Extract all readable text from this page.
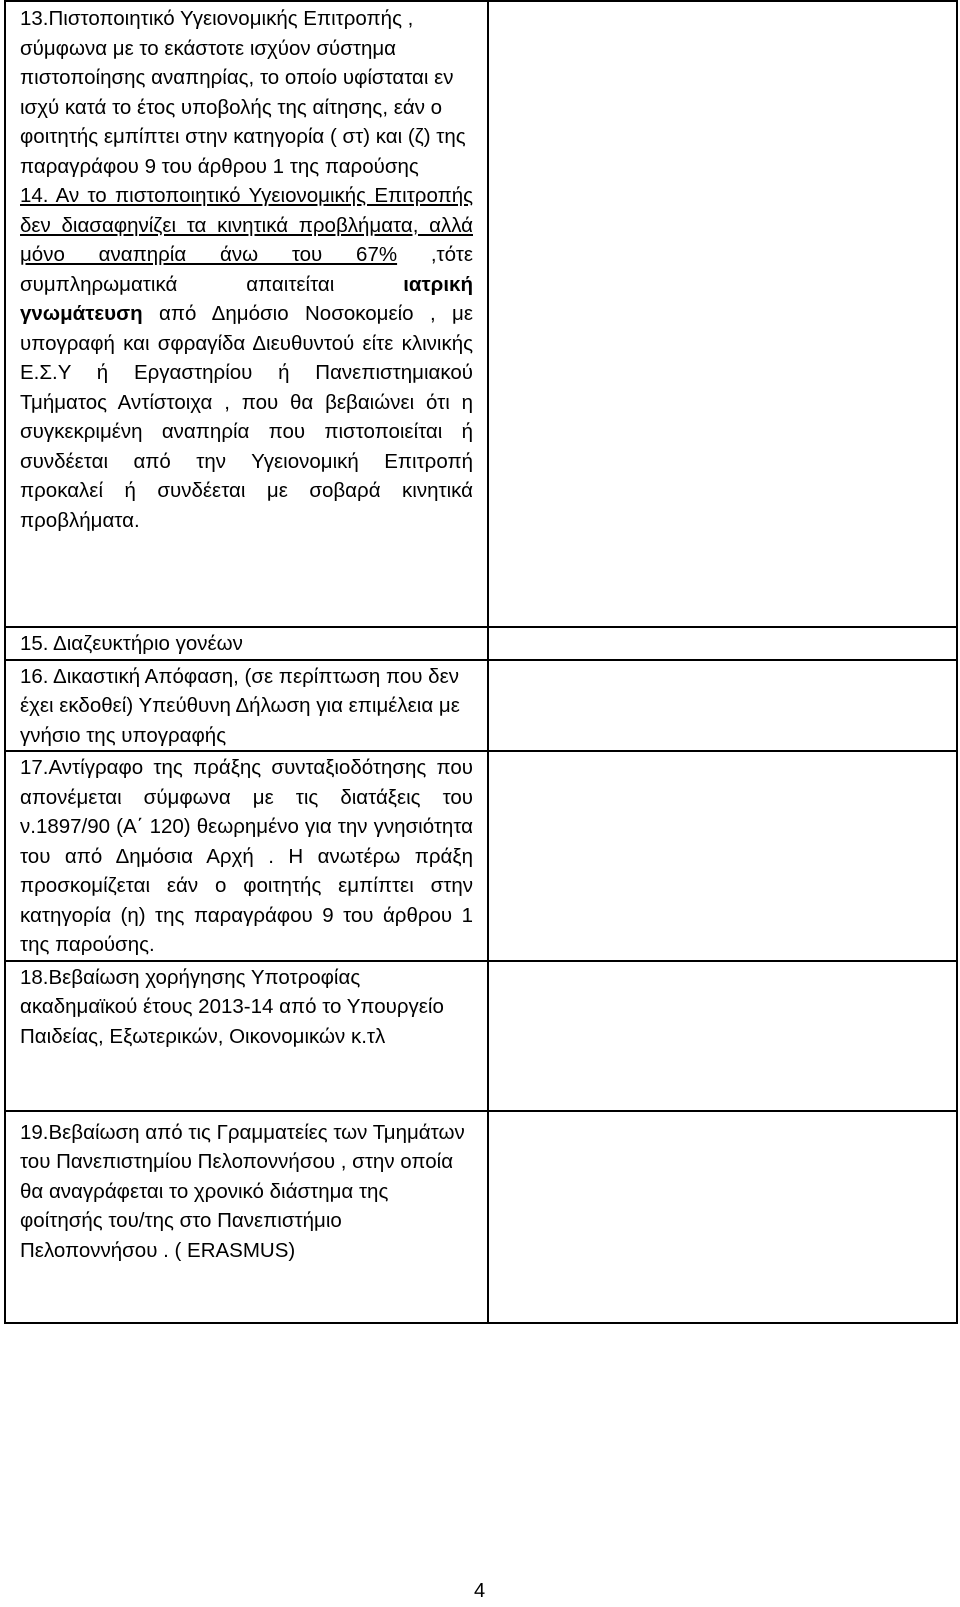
13.Πιστοποιητικό Υγειονομικής Επιτροπής , σύμφωνα με το εκάστοτε ισχύον σύστημα πιστοποίησης αναπηρίας, το οποίο υφίσταται εν ισχύ κατά το έτος υποβολής της αίτησης, εάν ο φοιτητής εμπίπτει στην κατηγορία ( στ) και (ζ) της παραγράφου 9 του άρθρου 1 της παρούσης
14. Αν το πιστοποιητικό Υγειονομικής Επιτροπής δεν διασαφηνίζει τα κινητικά προβλήματα, αλλά μόνο αναπηρία άνω του 67% ,τότε συμπληρωματικά απαιτείται ιατρική γνωμάτευση από Δημόσιο Νοσοκομείο , με υπογραφή και σφραγίδα Διευθυντού είτε κλινικής Ε.Σ.Υ ή Εργαστηρίου ή Πανεπιστημιακού Τμήματος Αντίστοιχα , που θα βεβαιώνει ότι η συγκεκριμένη αναπηρία που πιστοποιείται ή συνδέεται από την Υγειονομική Επιτροπή προκαλεί ή συνδέεται με σοβαρά κινητικά προβλήματα.	

15. Διαζευκτήριο γονέων	

16. Δικαστική Απόφαση, (σε περίπτωση που δεν έχει εκδοθεί) Υπεύθυνη Δήλωση για επιμέλεια με γνήσιο της υπογραφής	

17.Αντίγραφο της πράξης συνταξιοδότησης που απονέμεται σύμφωνα με τις διατάξεις του ν.1897/90 (Α΄ 120) θεωρημένο για την γνησιότητα του από Δημόσια Αρχή . Η ανωτέρω πράξη προσκομίζεται εάν ο φοιτητής εμπίπτει στην κατηγορία (η) της παραγράφου 9 του άρθρου 1 της παρούσης.	

18.Βεβαίωση χορήγησης Υποτροφίας ακαδημαϊκού έτους 2013-14 από το Υπουργείο Παιδείας, Εξωτερικών, Οικονομικών κ.τλ	

19.Βεβαίωση από τις Γραμματείες των Τμημάτων του Πανεπιστημίου Πελοποννήσου , στην οποία θα αναγράφεται το χρονικό διάστημα της φοίτησής του/της στο Πανεπιστήμιο Πελοποννήσου . ( ERASMUS)	

4
